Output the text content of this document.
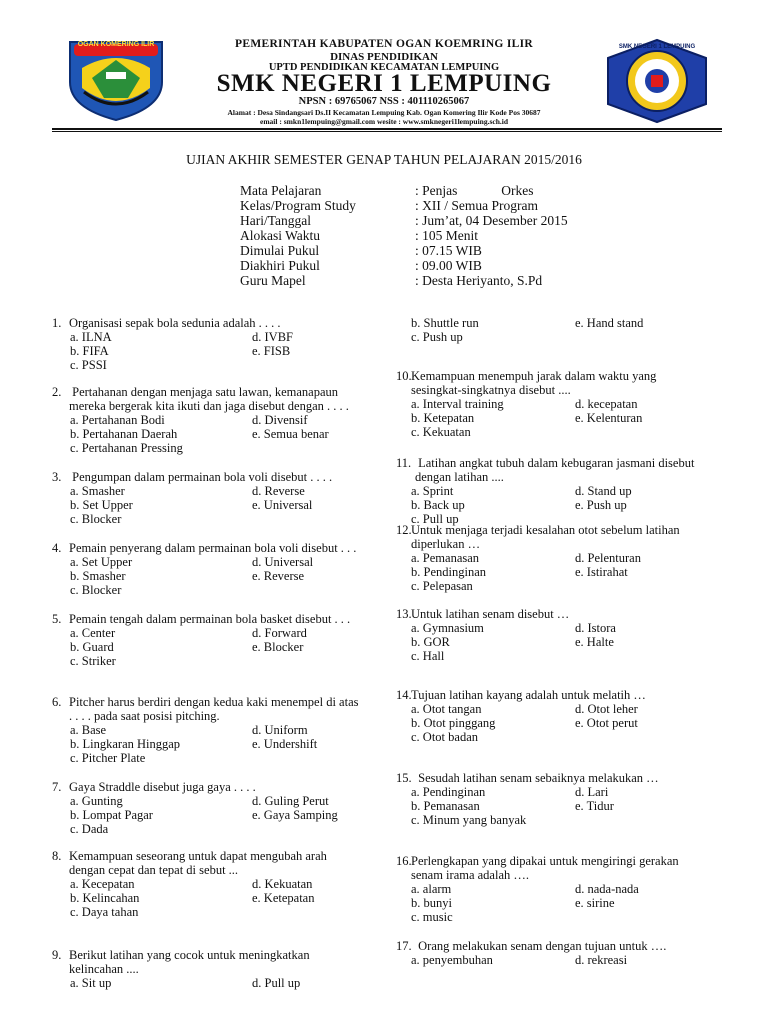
OGAN KOMERING ILIR	SMK NEGERI 1 LEMPUING
PEMERINTAH KABUPATEN OGAN KOEMRING ILIR
DINAS PENDIDIKAN
UPTD PENDIDIKAN KECAMATAN LEMPUING
SMK NEGERI 1 LEMPUING
NPSN : 69765067 NSS : 401110265067
Alamat : Desa Sindangsari Ds.II Kecamatan Lempuing Kab. Ogan Komering Ilir Kode Pos 30687
email : smkn1lempuing@gmail.com wesite : www.smknegeri1lempuing.sch.id
UJIAN AKHIR SEMESTER GENAP TAHUN PELAJARAN 2015/2016
Mata Pelajaran	: Penjas             Orkes
Kelas/Program Study	: XII / Semua Program
Hari/Tanggal	: Jum’at, 04 Desember 2015
Alokasi Waktu	: 105 Menit
Dimulai Pukul	: 07.15 WIB
Diakhiri Pukul	: 09.00 WIB
Guru Mapel	: Desta Heriyanto, S.Pd
1. Organisasi sepak bola sedunia adalah . . . .
a. ILNA	d. IVBF
b. FIFA	e. FISB
c. PSSI
2. Pertahanan dengan menjaga satu lawan, kemanapaun
mereka bergerak kita ikuti dan jaga disebut dengan . . . .
a. Pertahanan Bodi	d. Divensif
b. Pertahanan Daerah	e. Semua benar
c. Pertahanan Pressing
3. Pengumpan dalam permainan bola voli disebut . . . .
a. Smasher	d. Reverse
b. Set Upper	e. Universal
c. Blocker
4. Pemain penyerang dalam permainan bola voli disebut . . .
a. Set Upper	d. Universal
b. Smasher	e. Reverse
c. Blocker
5. Pemain tengah dalam permainan bola basket disebut . . .
a. Center	d. Forward
b. Guard	e. Blocker
c. Striker
6. Pitcher harus berdiri dengan kedua kaki menempel di atas
. . . . pada saat posisi pitching.
a. Base	d. Uniform
b. Lingkaran Hinggap	e. Undershift
c. Pitcher Plate
7. Gaya Straddle disebut juga gaya . . . .
a. Gunting	d. Guling Perut
b. Lompat Pagar	e. Gaya Samping
c. Dada
8. Kemampuan seseorang untuk dapat mengubah arah
dengan cepat dan tepat di sebut ...
a. Kecepatan	d. Kekuatan
b. Kelincahan	e. Ketepatan
c. Daya tahan
9. Berikut latihan yang cocok untuk meningkatkan
kelincahan ....
a. Sit up	d. Pull up
b. Shuttle run	e. Hand stand
c. Push up
10. Kemampuan menempuh jarak dalam waktu yang
sesingkat-singkatnya disebut ....
a. Interval training	d. kecepatan
b. Ketepatan	e. Kelenturan
c. Kekuatan
11. Latihan angkat tubuh dalam kebugaran jasmani disebut
dengan latihan ....
a. Sprint	d. Stand up
b. Back up	e. Push up
c. Pull up
12. Untuk menjaga terjadi kesalahan otot sebelum latihan
diperlukan …
a. Pemanasan	d. Pelenturan
b. Pendinginan	e. Istirahat
c. Pelepasan
13. Untuk latihan senam disebut …
a. Gymnasium	d. Istora
b. GOR	e. Halte
c. Hall
14. Tujuan latihan kayang adalah untuk melatih …
a. Otot tangan	d. Otot leher
b. Otot pinggang	e. Otot perut
c. Otot badan
15. Sesudah latihan senam sebaiknya melakukan …
a. Pendinginan	d. Lari
b. Pemanasan	e. Tidur
c. Minum yang banyak
16. Perlengkapan yang dipakai untuk mengiringi gerakan
senam irama adalah ….
a. alarm	d. nada-nada
b. bunyi	e. sirine
c. music
17. Orang melakukan senam dengan tujuan untuk ….
a. penyembuhan	d. rekreasi
